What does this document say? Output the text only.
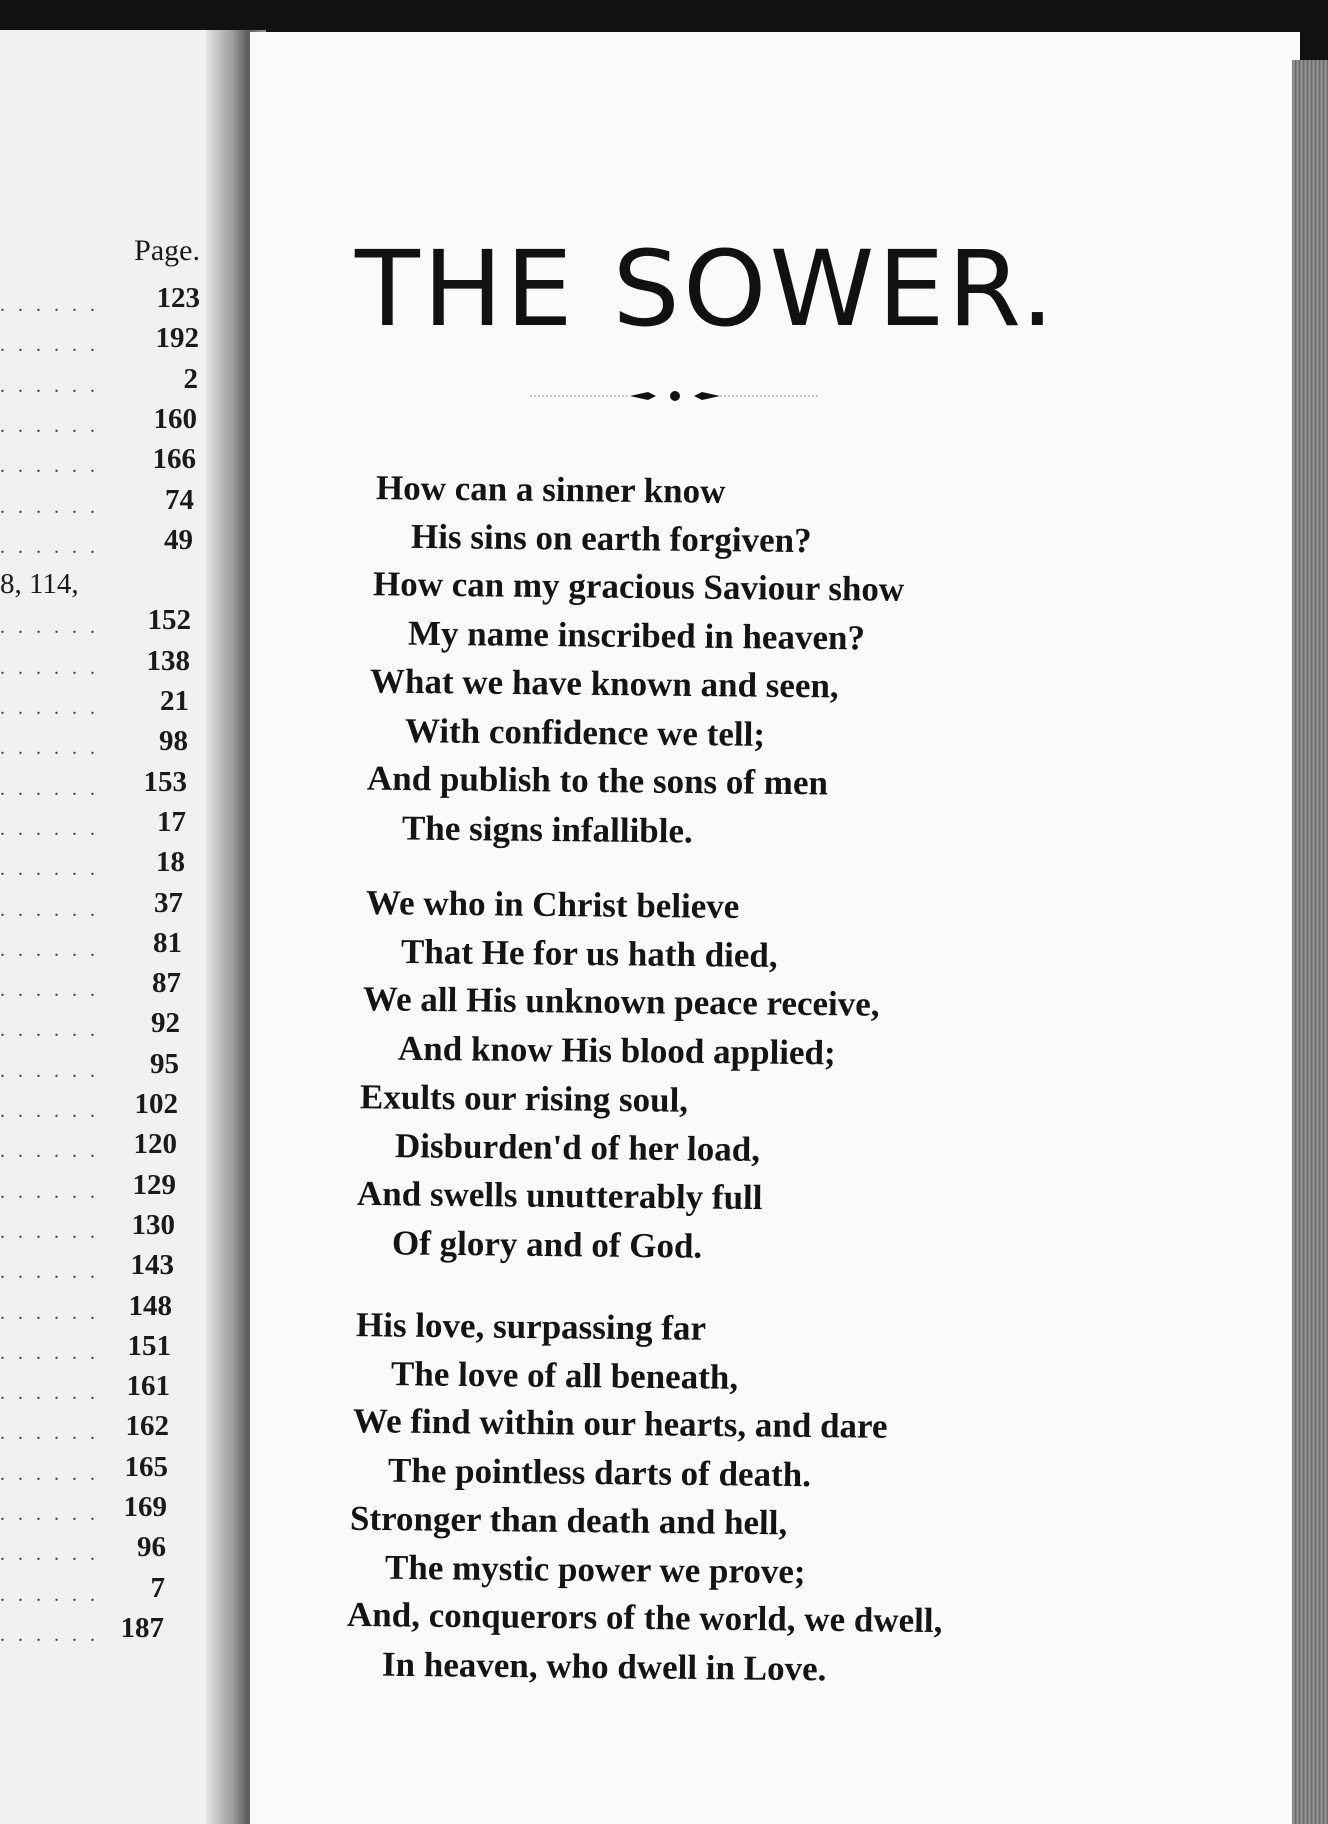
Page.
. . . . . . 123
. . . . . . 192
. . . . . .	2
. . . . . . 160
. . . . . . 166
. . . . . . 74
. . . . . . 49
. . . . . . 152
. . . . . . 138
. . . . . . 21
. . . . . . 98
. . . . . . 153
. . . . . . 17
. . . . . . 18
. . . . . . 37
. . . . . . 81
. . . . . . 87
. . . . . . 92
. . . . . . 95
. . . . . . 102
. . . . . . 120
. . . . . . 129
. . . . . . 130
. . . . . . 143
. . . . . . 148
. . . . . . 151
. . . . . . 161
. . . . . . 162
. . . . . . 165
. . . . . . 169
. . . . . . 96
. . . . . . 7
. . . . . . 187
8, 114,
THE SOWER.
How can a sinner know
His sins on earth forgiven?
How can my gracious Saviour show
My name inscribed in heaven?
What we have known and seen,
With confidence we tell;
And publish to the sons of men
The signs infallible.
We who in Christ believe
That He for us hath died,
We all His unknown peace receive,
And know His blood applied;
Exults our rising soul,
Disburden'd of her load,
And swells unutterably full
Of glory and of God.
His love, surpassing far
The love of all beneath,
We find within our hearts, and dare
The pointless darts of death.
Stronger than death and hell,
The mystic power we prove;
And, conquerors of the world, we dwell,
In heaven, who dwell in Love.
